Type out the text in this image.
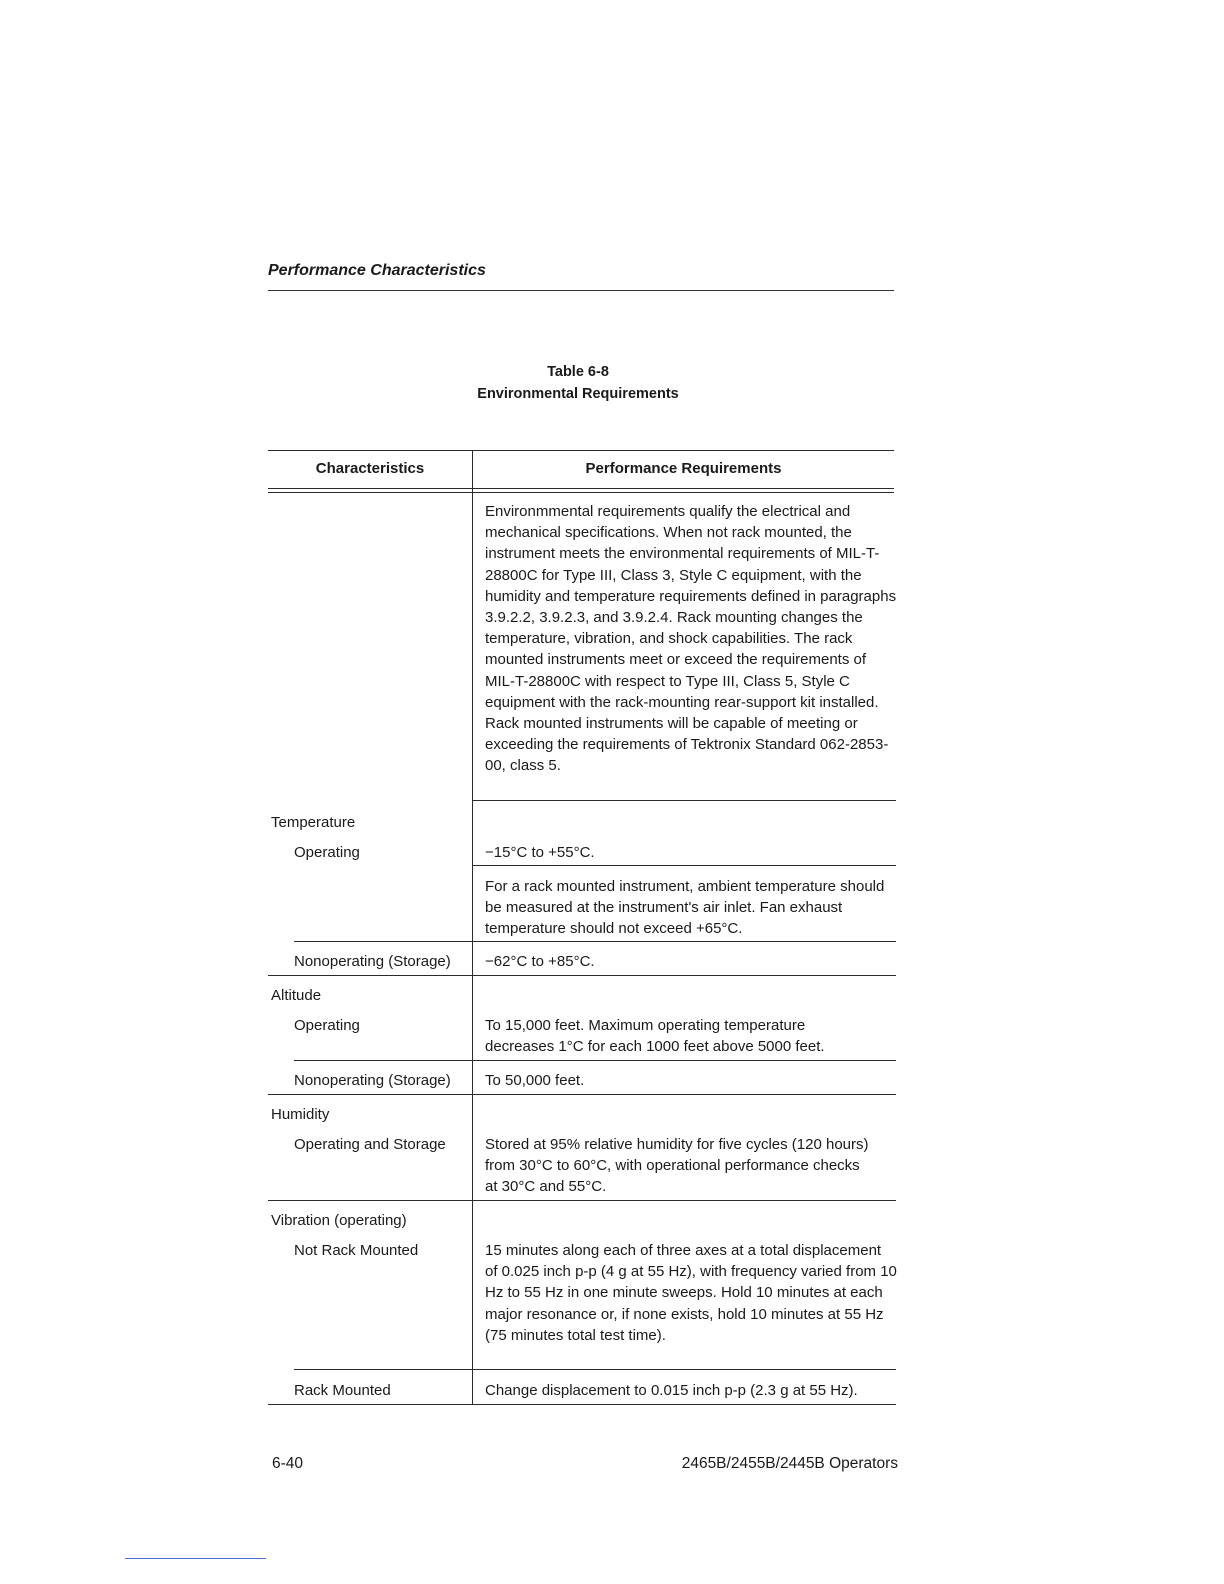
Performance Characteristics
Table 6-8
Environmental Requirements
Characteristics	Performance Requirements
Environmmental requirements qualify the electrical and mechanical specifications. When not rack mounted, the instrument meets the environmental requirements of MIL-T-28800C for Type III, Class 3, Style C equipment, with the humidity and temperature requirements defined in paragraphs 3.9.2.2, 3.9.2.3, and 3.9.2.4. Rack mounting changes the temperature, vibration, and shock capabilities. The rack mounted instruments meet or exceed the requirements of MIL-T-28800C with respect to Type III, Class 5, Style C equipment with the rack-mounting rear-support kit installed. Rack mounted instruments will be capable of meeting or exceeding the requirements of Tektronix Standard 062-2853-00, class 5.
Temperature
Operating	−15°C to +55°C.
For a rack mounted instrument, ambient temperature should be measured at the instrument's air inlet. Fan exhaust temperature should not exceed +65°C.
Nonoperating (Storage) −62°C to +85°C.
Altitude
Operating	To 15,000 feet. Maximum operating temperature decreases 1°C for each 1000 feet above 5000 feet.
Nonoperating (Storage) To 50,000 feet.
Humidity
Operating and Storage	Stored at 95% relative humidity for five cycles (120 hours) from 30°C to 60°C, with operational performance checks at 30°C and 55°C.
Vibration (operating)
Not Rack Mounted	15 minutes along each of three axes at a total displacement of 0.025 inch p-p (4 g at 55 Hz), with frequency varied from 10 Hz to 55 Hz in one minute sweeps. Hold 10 minutes at each major resonance or, if none exists, hold 10 minutes at 55 Hz (75 minutes total test time).
Rack Mounted	Change displacement to 0.015 inch p-p (2.3 g at 55 Hz).
6-40	2465B/2455B/2445B Operators
